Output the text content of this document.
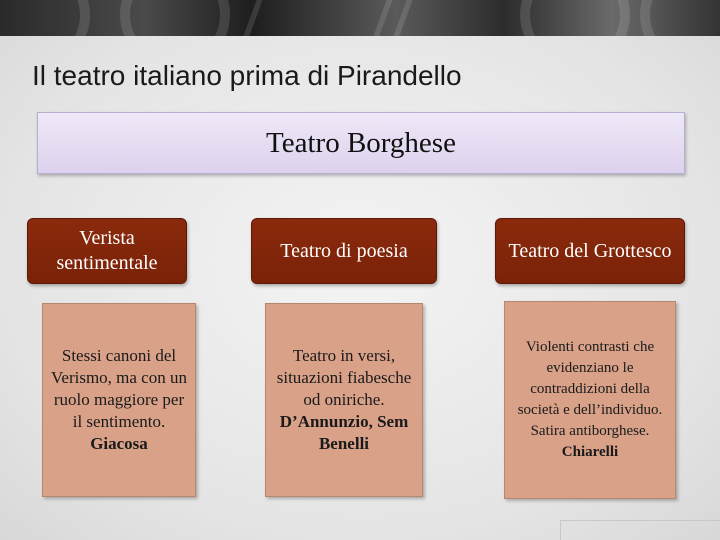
Il teatro italiano prima di Pirandello
Teatro Borghese
Verista sentimentale
Stessi canoni del Verismo, ma con un ruolo maggiore per il sentimento.
Giacosa
Teatro di poesia
Teatro in versi, situazioni fiabesche od oniriche.
D’Annunzio, Sem Benelli
Teatro del Grottesco
Violenti contrasti che evidenziano le contraddizioni della società e dell’individuo. Satira antiborghese.
Chiarelli
